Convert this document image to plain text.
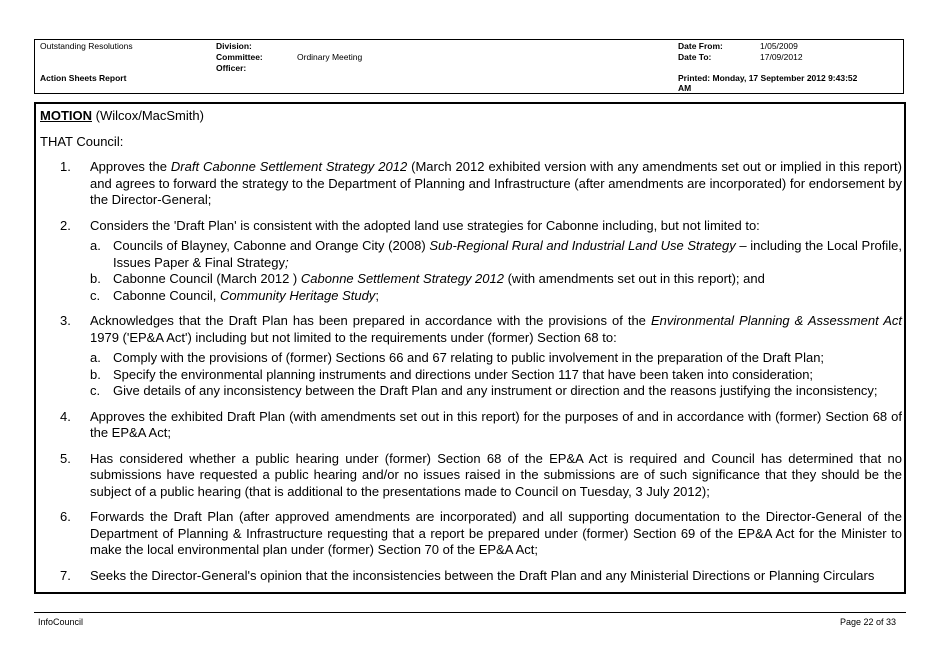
Outstanding Resolutions
Action Sheets Report
Division:
Committee:	Ordinary Meeting
Officer:
Date From:	1/05/2009
Date To:	17/09/2012
Printed: Monday, 17 September 2012 9:43:52
AM

MOTION (Wilcox/MacSmith)

THAT Council:

1. Approves the Draft Cabonne Settlement Strategy 2012 (March 2012 exhibited version with any amendments set out or implied in this report) and agrees to forward the strategy to the Department of Planning and Infrastructure (after amendments are incorporated) for endorsement by the Director-General;
2. Considers the 'Draft Plan' is consistent with the adopted land use strategies for Cabonne including, but not limited to:
a. Councils of Blayney, Cabonne and Orange City (2008) Sub-Regional Rural and Industrial Land Use Strategy – including the Local Profile, Issues Paper & Final Strategy;
b. Cabonne Council (March 2012 ) Cabonne Settlement Strategy 2012 (with amendments set out in this report); and
c. Cabonne Council, Community Heritage Study;
3. Acknowledges that the Draft Plan has been prepared in accordance with the provisions of the Environmental Planning & Assessment Act 1979 ('EP&A Act') including but not limited to the requirements under (former) Section 68 to:
a. Comply with the provisions of (former) Sections 66 and 67 relating to public involvement in the preparation of the Draft Plan;
b. Specify the environmental planning instruments and directions under Section 117 that have been taken into consideration;
c. Give details of any inconsistency between the Draft Plan and any instrument or direction and the reasons justifying the inconsistency;
4. Approves the exhibited Draft Plan (with amendments set out in this report) for the purposes of and in accordance with (former) Section 68 of the EP&A Act;
5. Has considered whether a public hearing under (former) Section 68 of the EP&A Act is required and Council has determined that no submissions have requested a public hearing and/or no issues raised in the submissions are of such significance that they should be the subject of a public hearing (that is additional to the presentations made to Council on Tuesday, 3 July 2012);
6. Forwards the Draft Plan (after approved amendments are incorporated) and all supporting documentation to the Director-General of the Department of Planning & Infrastructure requesting that a report be prepared under (former) Section 69 of the EP&A Act for the Minister to make the local environmental plan under (former) Section 70 of the EP&A Act;
7. Seeks the Director-General's opinion that the inconsistencies between the Draft Plan and any Ministerial Directions or Planning Circulars
InfoCouncil	Page 22 of 33
